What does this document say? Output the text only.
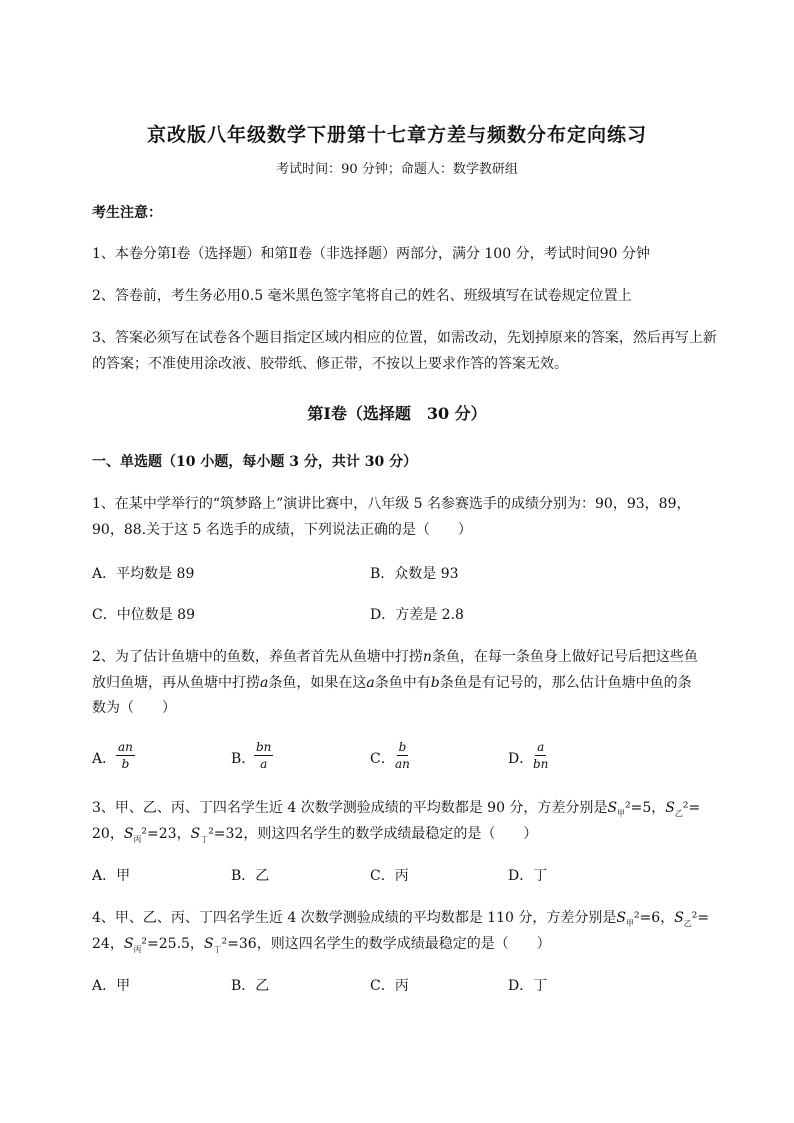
京改版八年级数学下册第十七章方差与频数分布定向练习
考试时间：90 分钟；命题人：数学教研组
考生注意：
1、本卷分第Ⅰ卷（选择题）和第Ⅱ卷（非选择题）两部分，满分 100 分，考试时间90 分钟
2、答卷前，考生务必用0.5 毫米黑色签字笔将自己的姓名、班级填写在试卷规定位置上
3、答案必须写在试卷各个题目指定区域内相应的位置，如需改动，先划掉原来的答案，然后再写上新
的答案；不准使用涂改液、胶带纸、修正带，不按以上要求作答的答案无效。
第Ⅰ卷（选择题　30 分）
一、单选题（10 小题，每小题 3 分，共计 30 分）
1、在某中学举行的“筑梦路上”演讲比赛中，八年级 5 名参赛选手的成绩分别为：90，93，89，
90，88.关于这 5 名选手的成绩，下列说法正确的是（　　）
A．平均数是 89	B．众数是 93
C．中位数是 89	D．方差是 2.8
2、为了估计鱼塘中的鱼数，养鱼者首先从鱼塘中打捞n条鱼，在每一条鱼身上做好记号后把这些鱼
放归鱼塘，再从鱼塘中打捞a条鱼，如果在这a条鱼中有b条鱼是有记号的，那么估计鱼塘中鱼的条
数为（　　）
A． $\frac{an}{b}$	B．
$\frac{bn}{a}$	C．
$\frac{b}{an}$	D．
$\frac{a}{bn}$
3、甲、乙、丙、丁四名学生近 4 次数学测验成绩的平均数都是 90 分，方差分别是$S_甲^2=5$，$S_乙^2=$
20，$S_丙^2=23$，$S_丁^2=32$，则这四名学生的数学成绩最稳定的是（　　）
A．甲	B．乙	C．丙	D．丁
4、甲、乙、丙、丁四名学生近 4 次数学测验成绩的平均数都是 110 分，方差分别是$S_甲^2=6$，$S_乙^2=$
24，$S_丙^2=25.5$，$S_丁^2=36$，则这四名学生的数学成绩最稳定的是（　　）
A．甲	B．乙	C．丙	D．丁
